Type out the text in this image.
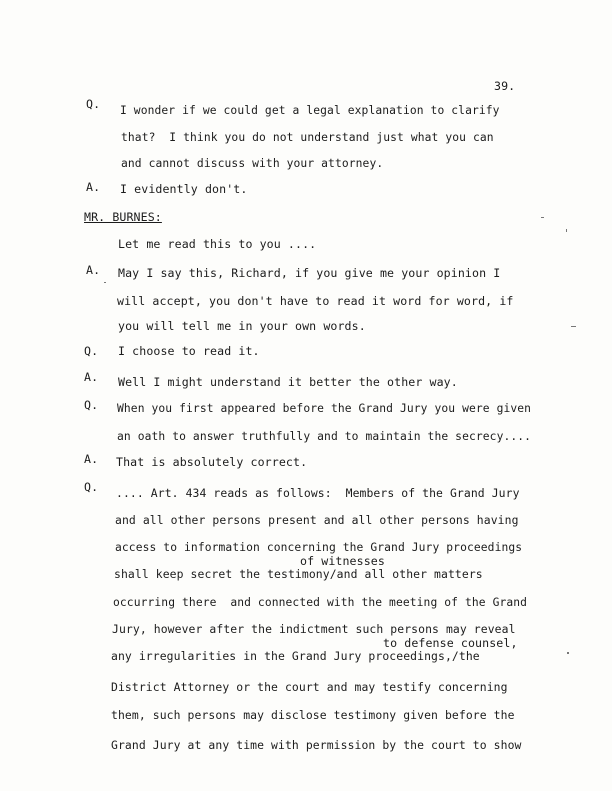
39.
Q. I wonder if we could get a legal explanation to clarify
that?  I think you do not understand just what you can
and cannot discuss with your attorney.
A. I evidently don't.
MR. BURNES:
Let me read this to you ....
A. May I say this, Richard, if you give me your opinion I
will accept, you don't have to read it word for word, if
you will tell me in your own words.
Q. I choose to read it.
A. Well I might understand it better the other way.
Q. When you first appeared before the Grand Jury you were given
an oath to answer truthfully and to maintain the secrecy....
A. That is absolutely correct.
Q. .... Art. 434 reads as follows:  Members of the Grand Jury
and all other persons present and all other persons having
access to information concerning the Grand Jury proceedings
of witnesses
shall keep secret the testimony/and all other matters
occurring there  and connected with the meeting of the Grand
Jury, however after the indictment such persons may reveal
to defense counsel,
any irregularities in the Grand Jury proceedings,/the
District Attorney or the court and may testify concerning
them, such persons may disclose testimony given before the
Grand Jury at any time with permission by the court to show
